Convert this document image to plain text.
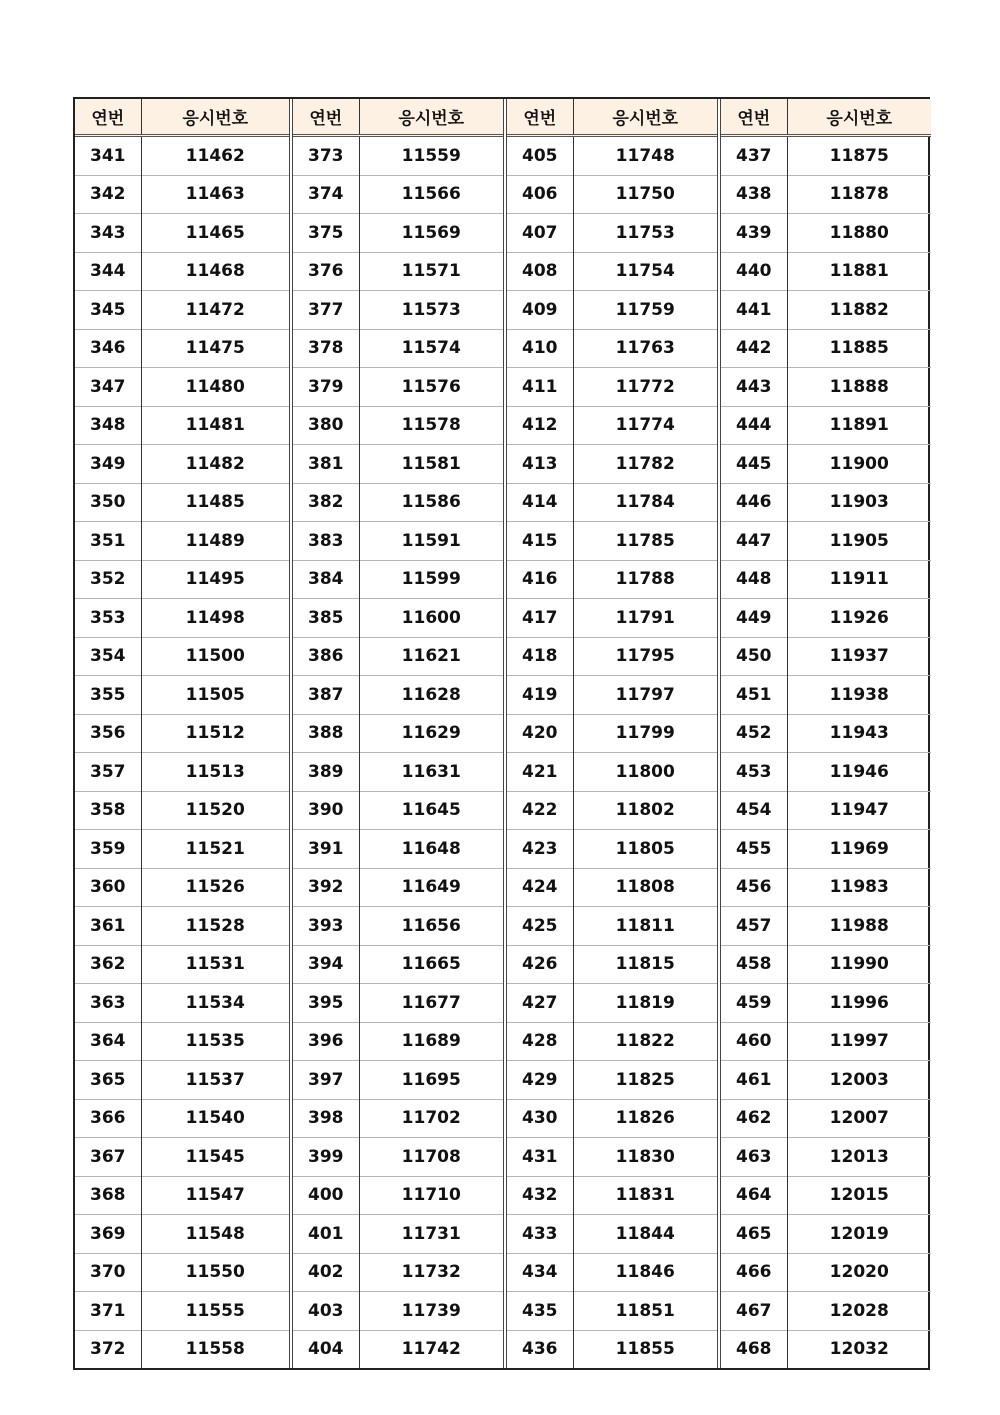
연번	응시번호
341	11462
342	11463
343	11465
344	11468
345	11472
346	11475
347	11480
348	11481
349	11482
350	11485
351	11489
352	11495
353	11498
354	11500
355	11505
356	11512
357	11513
358	11520
359	11521
360	11526
361	11528
362	11531
363	11534
364	11535
365	11537
366	11540
367	11545
368	11547
369	11548
370	11550
371	11555
372	11558
연번	응시번호
373	11559
374	11566
375	11569
376	11571
377	11573
378	11574
379	11576
380	11578
381	11581
382	11586
383	11591
384	11599
385	11600
386	11621
387	11628
388	11629
389	11631
390	11645
391	11648
392	11649
393	11656
394	11665
395	11677
396	11689
397	11695
398	11702
399	11708
400	11710
401	11731
402	11732
403	11739
404	11742
연번	응시번호
405	11748
406	11750
407	11753
408	11754
409	11759
410	11763
411	11772
412	11774
413	11782
414	11784
415	11785
416	11788
417	11791
418	11795
419	11797
420	11799
421	11800
422	11802
423	11805
424	11808
425	11811
426	11815
427	11819
428	11822
429	11825
430	11826
431	11830
432	11831
433	11844
434	11846
435	11851
436	11855
연번	응시번호
437	11875
438	11878
439	11880
440	11881
441	11882
442	11885
443	11888
444	11891
445	11900
446	11903
447	11905
448	11911
449	11926
450	11937
451	11938
452	11943
453	11946
454	11947
455	11969
456	11983
457	11988
458	11990
459	11996
460	11997
461	12003
462	12007
463	12013
464	12015
465	12019
466	12020
467	12028
468	12032
